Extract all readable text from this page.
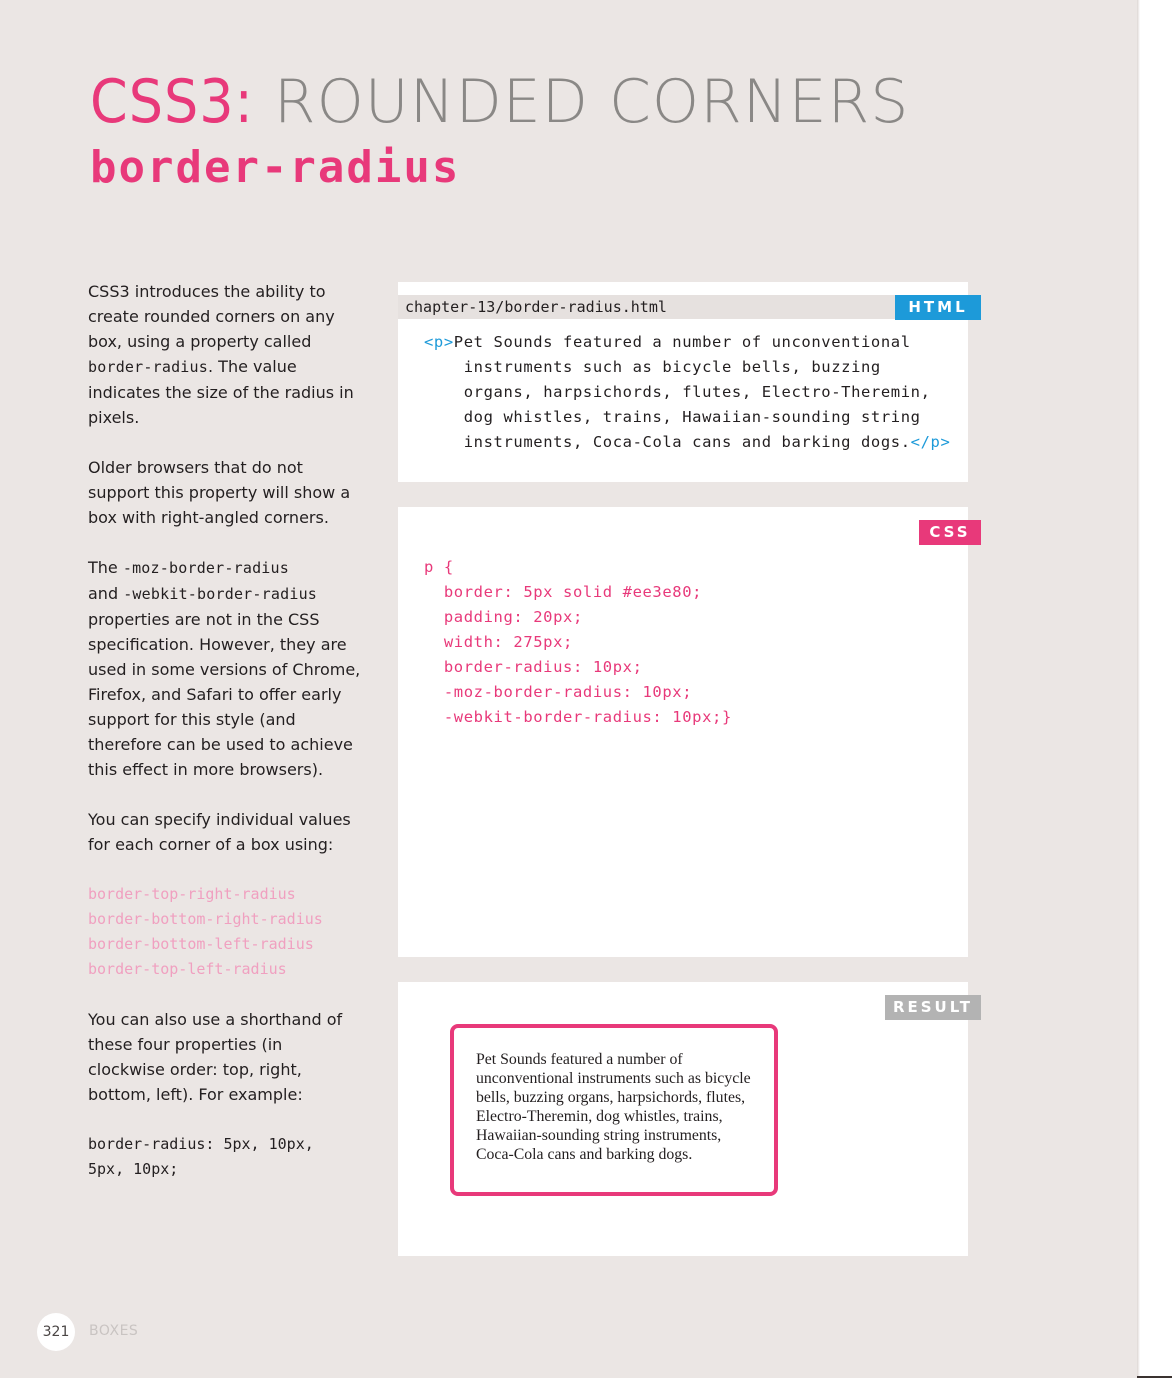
CSS3: ROUNDED CORNERS
border-radius

CSS3 introduces the ability to create rounded corners on any box, using a property called border-radius. The value indicates the size of the radius in pixels.

Older browsers that do not support this property will show a box with right-angled corners.

The -moz-border-radius
and -webkit-border-radius properties are not in the CSS specification. However, they are used in some versions of Chrome, Firefox, and Safari to offer early support for this style (and therefore can be used to achieve this effect in more browsers).

You can specify individual values for each corner of a box using:

border-top-right-radius
border-bottom-right-radius
border-bottom-left-radius
border-top-left-radius

You can also use a shorthand of these four properties (in clockwise order: top, right, bottom, left). For example:

border-radius: 5px, 10px,
5px, 10px;
chapter-13/border-radius.html	HTML
<p>Pet Sounds featured a number of unconventional
instruments such as bicycle bells, buzzing
organs, harpsichords, flutes, Electro-Theremin,
dog whistles, trains, Hawaiian-sounding string
instruments, Coca-Cola cans and barking dogs.</p>
CSS
p {
border: 5px solid #ee3e80;
padding: 20px;
width: 275px;
border-radius: 10px;
-moz-border-radius: 10px;
-webkit-border-radius: 10px;}
RESULT
Pet Sounds featured a number of unconventional instruments such as bicycle bells, buzzing organs, harpsichords, flutes, Electro-Theremin, dog whistles, trains, Hawaiian-sounding string instruments, Coca-Cola cans and barking dogs.
321	BOXES
